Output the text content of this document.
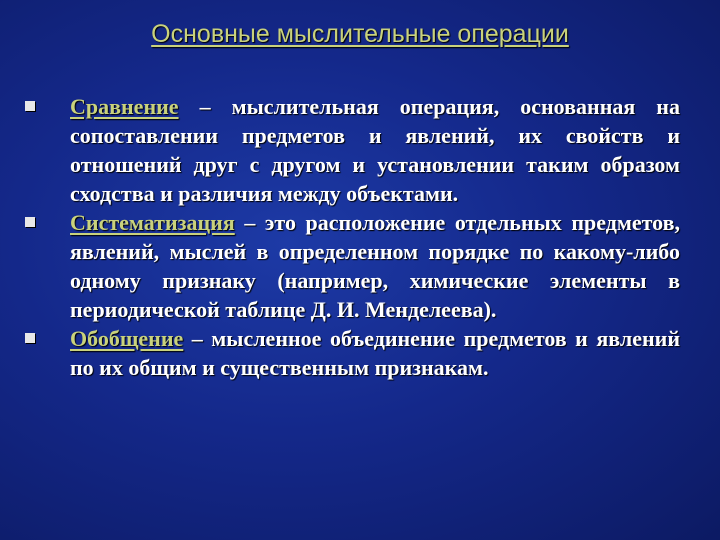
Основные мыслительные операции
Сравнение – мыслительная операция, основанная на сопоставлении предметов и явлений, их свойств и отношений друг с другом и установлении таким образом сходства и различия между объектами.
Систематизация – это расположение отдельных предметов, явлений, мыслей в определенном порядке по какому-либо одному признаку (например, химические элементы в периодической таблице Д. И. Менделеева).
Обобщение – мысленное объединение предметов и явлений по их общим и существенным признакам.
